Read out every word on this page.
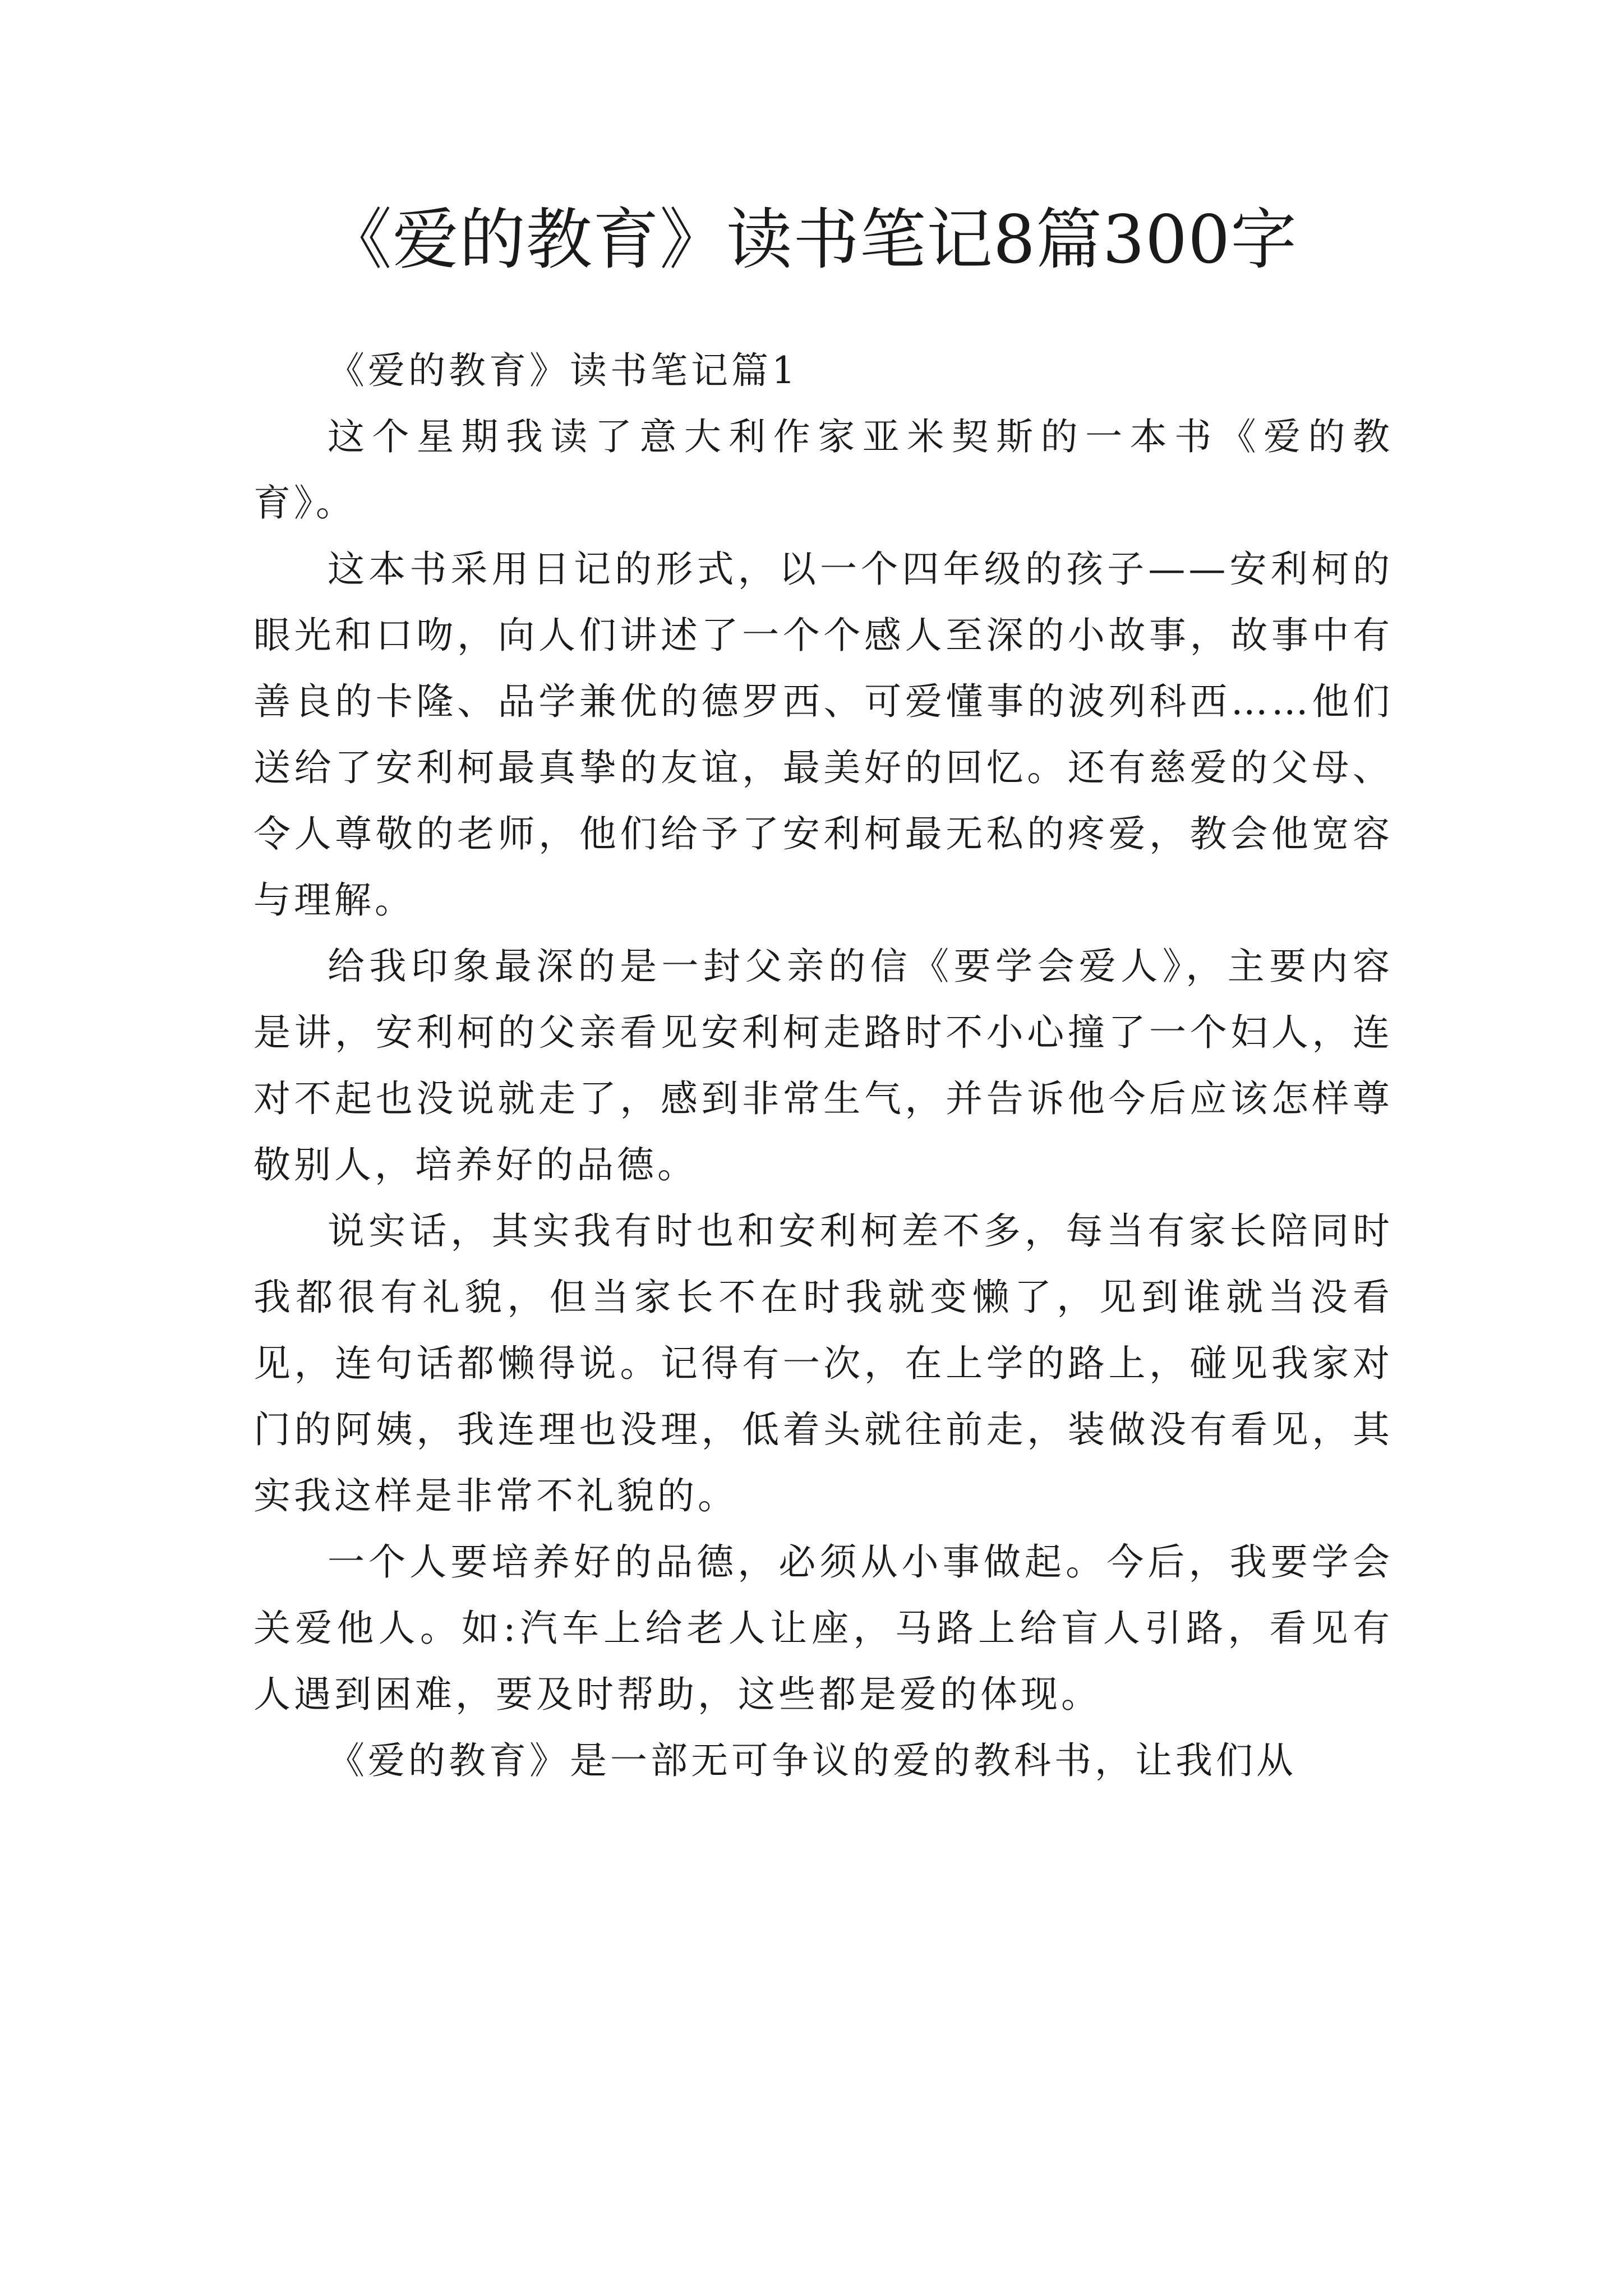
《爱的教育》读书笔记8篇300字

《爱的教育》读书笔记篇1

这个星期我读了意大利作家亚米契斯的一本书《爱的教育》。

这本书采用日记的形式，以一个四年级的孩子——安利柯的眼光和口吻，向人们讲述了一个个感人至深的小故事，故事中有善良的卡隆、品学兼优的德罗西、可爱懂事的波列科西……他们送给了安利柯最真挚的友谊，最美好的回忆。还有慈爱的父母、令人尊敬的老师，他们给予了安利柯最无私的疼爱，教会他宽容与理解。

给我印象最深的是一封父亲的信《要学会爱人》，主要内容是讲，安利柯的父亲看见安利柯走路时不小心撞了一个妇人，连对不起也没说就走了，感到非常生气，并告诉他今后应该怎样尊敬别人，培养好的品德。

说实话，其实我有时也和安利柯差不多，每当有家长陪同时我都很有礼貌，但当家长不在时我就变懒了，见到谁就当没看见，连句话都懒得说。记得有一次，在上学的路上，碰见我家对门的阿姨，我连理也没理，低着头就往前走，装做没有看见，其实我这样是非常不礼貌的。

一个人要培养好的品德，必须从小事做起。今后，我要学会关爱他人。如:汽车上给老人让座，马路上给盲人引路，看见有人遇到困难，要及时帮助，这些都是爱的体现。

《爱的教育》是一部无可争议的爱的教科书，让我们从
